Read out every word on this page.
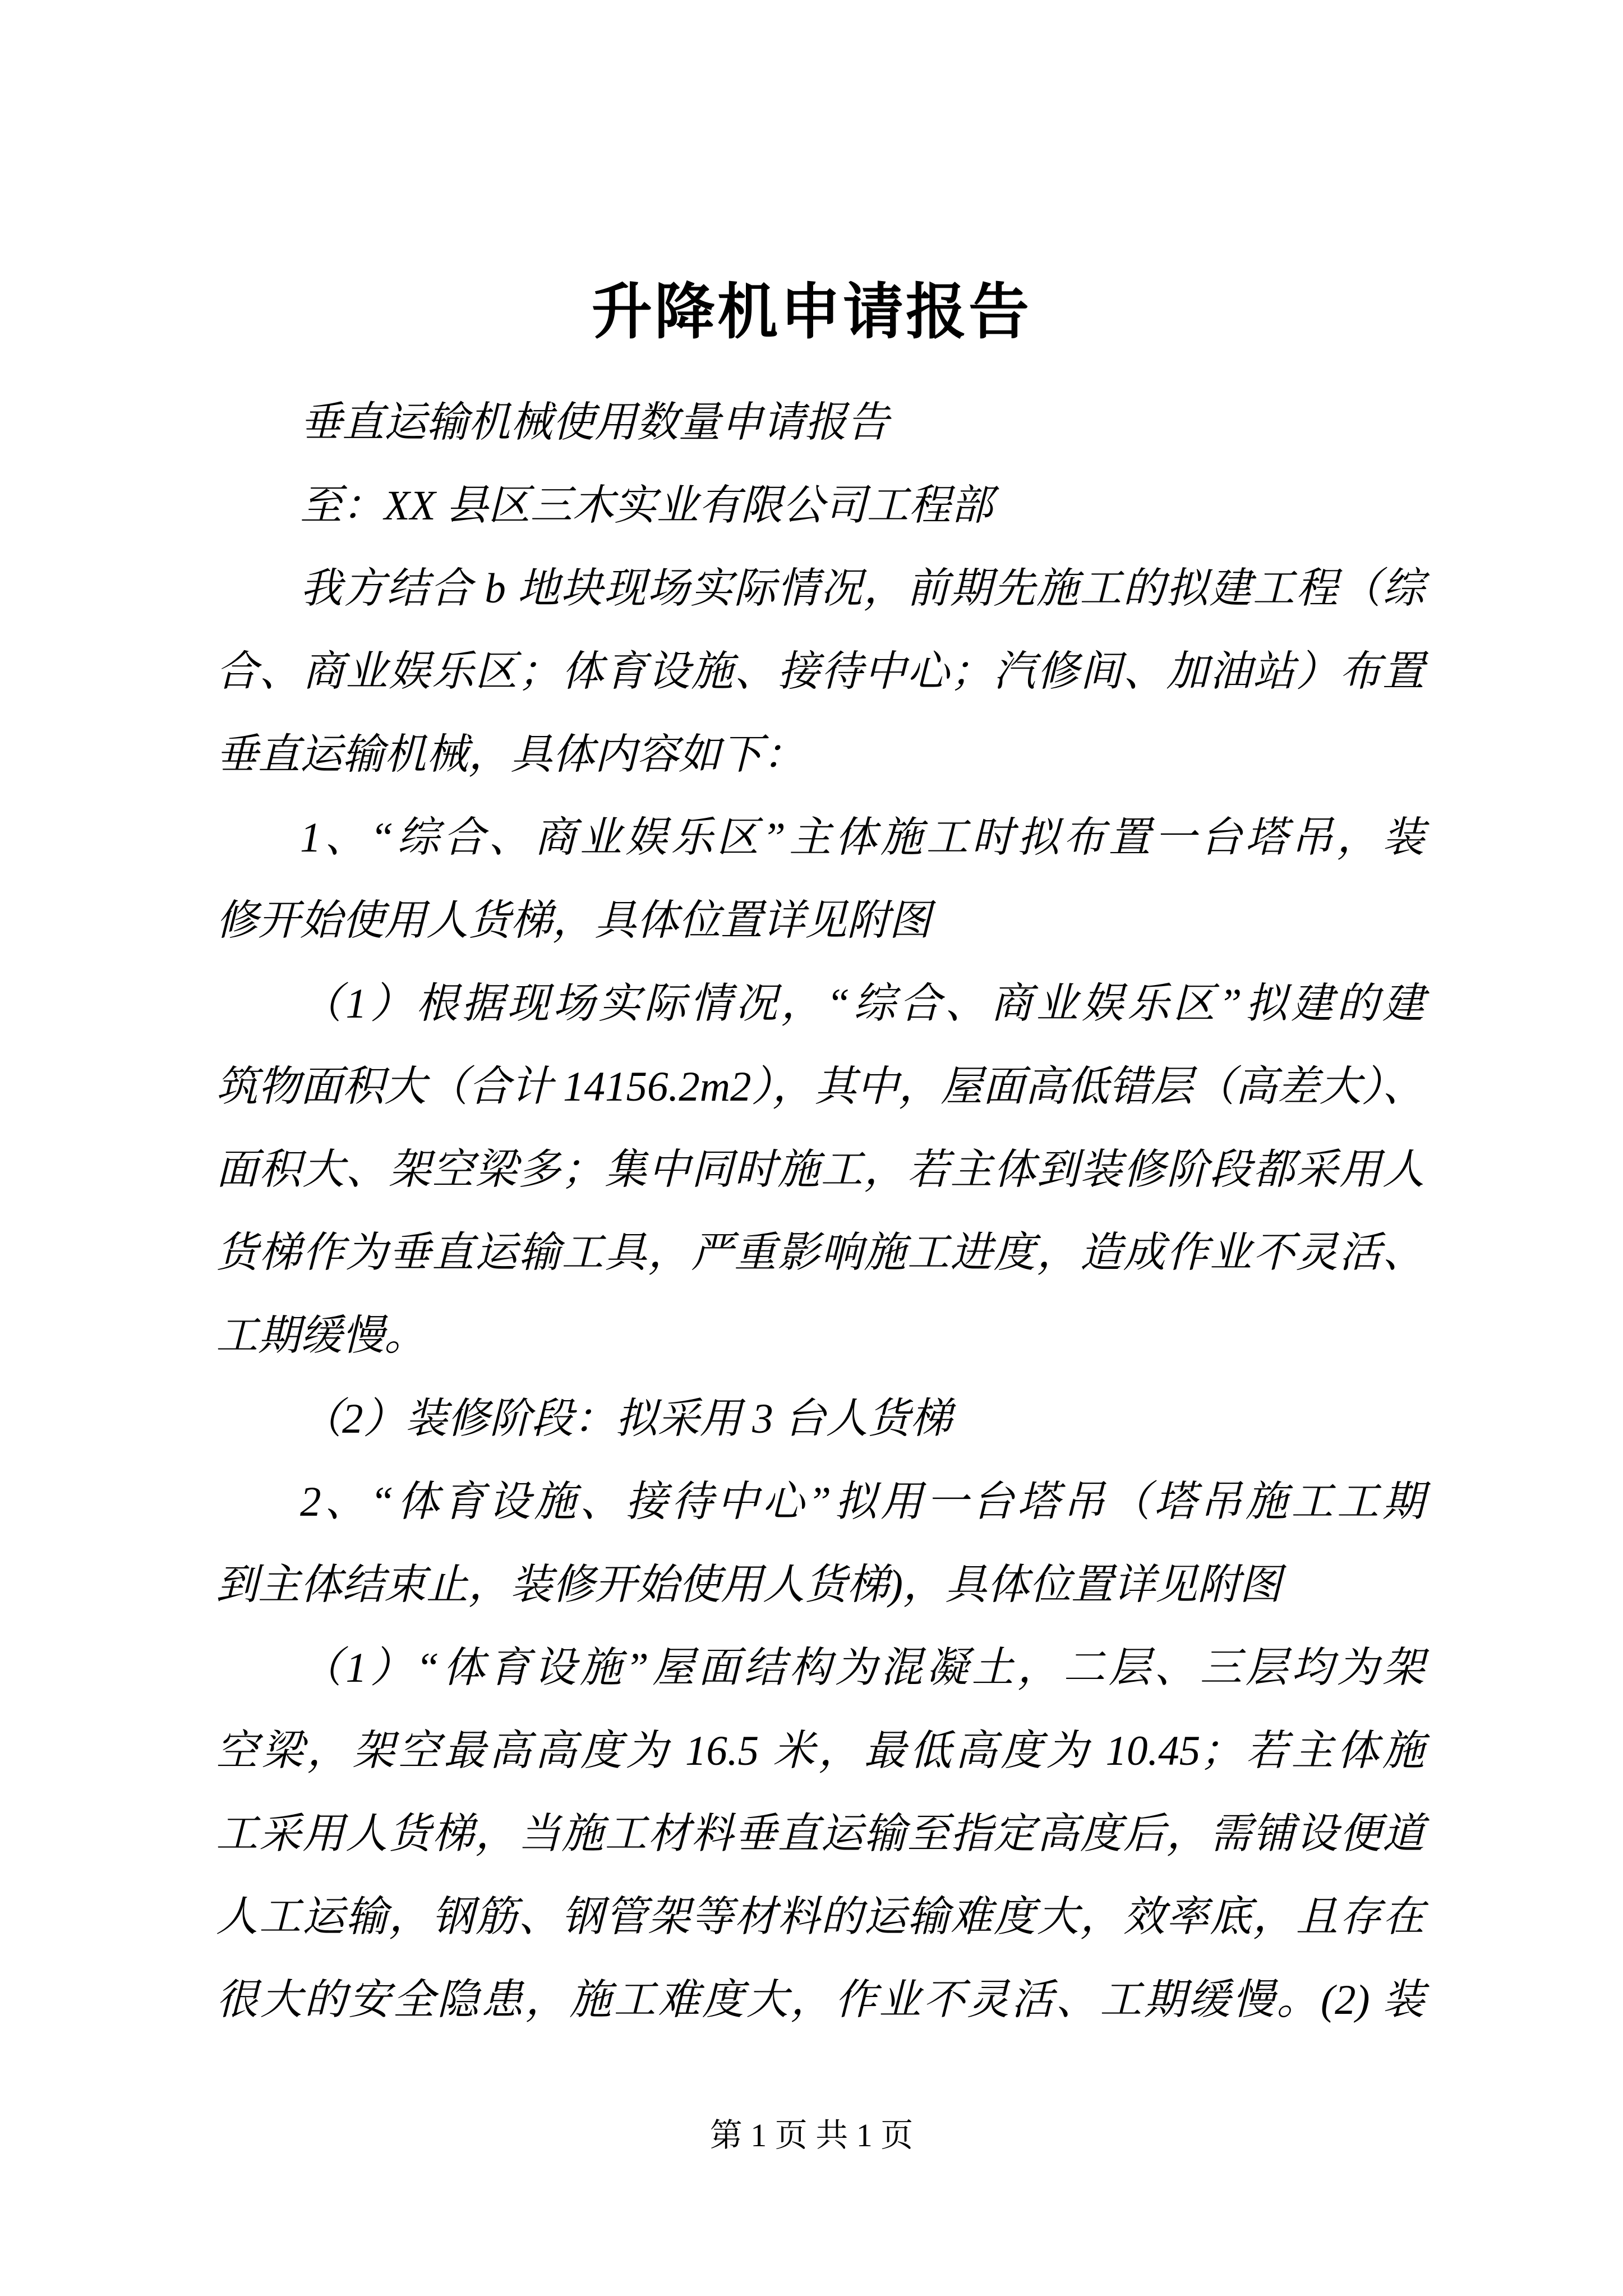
升降机申请报告
垂直运输机械使用数量申请报告
至：XX 县区三木实业有限公司工程部
我方结合 b 地块现场实际情况，前期先施工的拟建工程（综
合、商业娱乐区；体育设施、接待中心；汽修间、加油站）布置
垂直运输机械，具体内容如下：
1、“综合、商业娱乐区”主体施工时拟布置一台塔吊，装
修开始使用人货梯，具体位置详见附图
（1）根据现场实际情况，“综合、商业娱乐区”拟建的建
筑物面积大（合计 14156.2m2），其中，屋面高低错层（高差大）、
面积大、架空梁多；集中同时施工，若主体到装修阶段都采用人
货梯作为垂直运输工具，严重影响施工进度，造成作业不灵活、
工期缓慢。
（2）装修阶段：拟采用 3 台人货梯
2、“体育设施、接待中心”拟用一台塔吊（塔吊施工工期
到主体结束止，装修开始使用人货梯)，具体位置详见附图
（1）“体育设施”屋面结构为混凝土，二层、三层均为架
空梁，架空最高高度为 16.5 米，最低高度为 10.45；若主体施
工采用人货梯，当施工材料垂直运输至指定高度后，需铺设便道
人工运输，钢筋、钢管架等材料的运输难度大，效率底，且存在
很大的安全隐患，施工难度大，作业不灵活、工期缓慢。(2) 装
第 1 页 共 1 页
